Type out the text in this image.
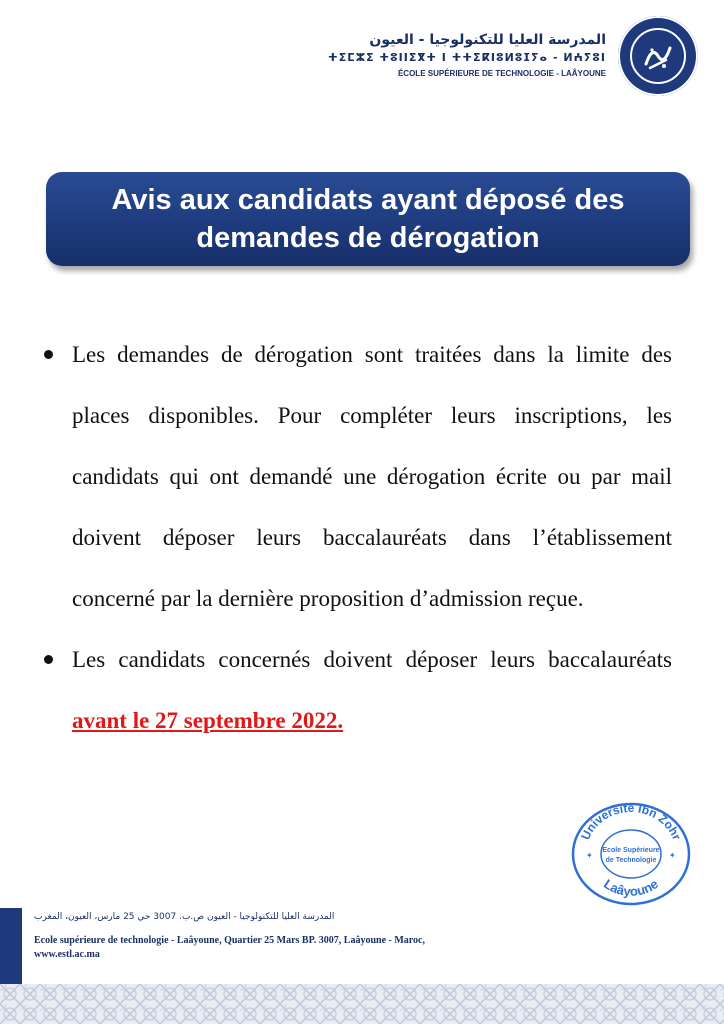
المدرسة العليا للتكنولوجيا - العيون
ⵜⵉⵎⵣⵉ ⵜⵓⵏⵏⵉⴳⵜ ⵏ ⵜⵜⵉⴽⵏⵓⵍⵓⵊⵢⴰ - ⵍⵄⵢⵓⵏ
ÉCOLE SUPÉRIEURE DE TECHNOLOGIE - LAÂYOUNE
Avis aux candidats ayant déposé des
demandes de dérogation
Les demandes de dérogation sont traitées dans la limite des places disponibles. Pour compléter leurs inscriptions, les candidats qui ont demandé une dérogation écrite ou par mail doivent déposer leurs baccalauréats dans l’établissement concerné par la dernière proposition d’admission reçue.
Les candidats concernés doivent déposer leurs baccalauréats avant le 27 septembre 2022.
Université Ibn Zohr
Ecole Supérieure
de Technologie
Laâyoune
✦	✦
المدرسة العليا للتكنولوجيا - العيون ص.ب. 3007 حي 25 مارس، العيون، المغرب
Ecole supérieure de technologie - Laâyoune, Quartier 25 Mars BP. 3007, Laâyoune - Maroc,
www.estl.ac.ma
